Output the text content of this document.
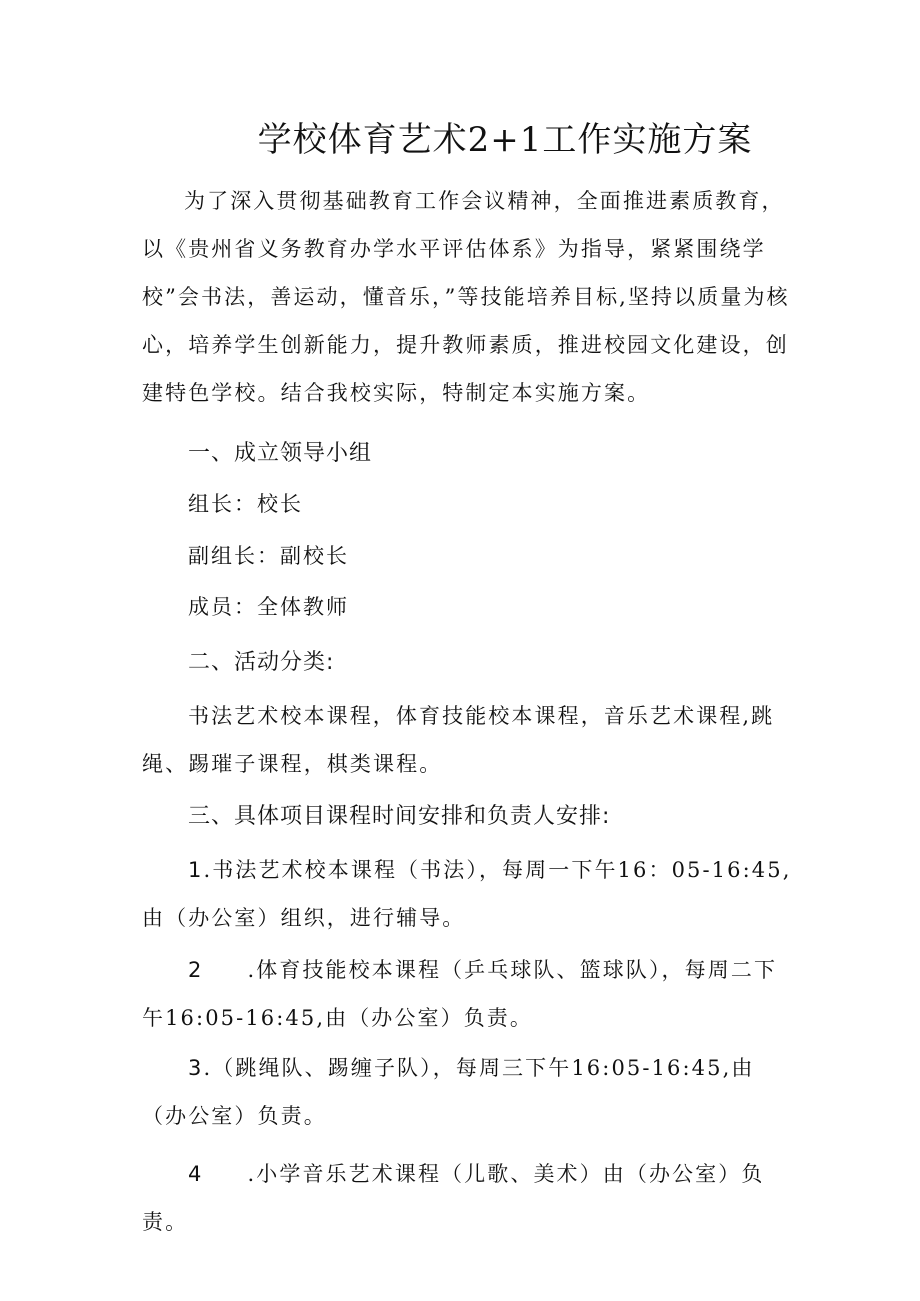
学校体育艺术2+1工作实施方案
为了深入贯彻基础教育工作会议精神，全面推进素质教育，以《贵州省义务教育办学水平评估体系》为指导，紧紧围绕学校”会书法，善运动，懂音乐，”等技能培养目标,坚持以质量为核心，培养学生创新能力，提升教师素质，推进校园文化建设，创建特色学校。结合我校实际，特制定本实施方案。
一、成立领导小组
组长：校长
副组长：副校长
成员：全体教师
二、活动分类:
书法艺术校本课程，体育技能校本课程，音乐艺术课程,跳绳、踢璀子课程，棋类课程。
三、具体项目课程时间安排和负责人安排:
1.书法艺术校本课程（书法），每周一下午16：05-16:45,由（办公室）组织，进行辅导。
2 .体育技能校本课程（乒乓球队、篮球队），每周二下午16:05-16:45,由（办公室）负责。
3.（跳绳队、踢缠子队），每周三下午16:05-16:45,由（办公室）负责。
4 .小学音乐艺术课程（儿歌、美术）由（办公室）负责。
